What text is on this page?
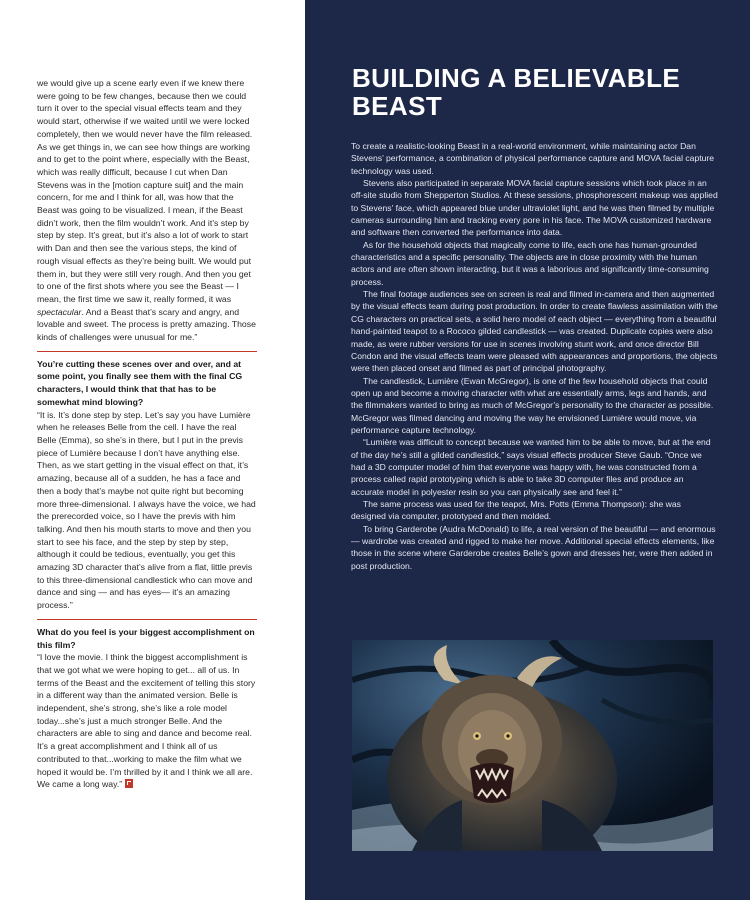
we would give up a scene early even if we knew there were going to be few changes, because then we could turn it over to the special visual effects team and they would start, otherwise if we waited until we were locked completely, then we would never have the film released. As we get things in, we can see how things are working and to get to the point where, especially with the Beast, which was really difficult, because I cut when Dan Stevens was in the [motion capture suit] and the main concern, for me and I think for all, was how that the Beast was going to be visualized. I mean, if the Beast didn’t work, then the film wouldn’t work. And it’s step by step by step. It’s great, but it’s also a lot of work to start with Dan and then see the various steps, the kind of rough visual effects as they’re being built. We would put them in, but they were still very rough. And then you get to one of the first shots where you see the Beast — I mean, the first time we saw it, really formed, it was spectacular. And a Beast that’s scary and angry, and lovable and sweet. The process is pretty amazing. Those kinds of challenges were unusual for me.”

You’re cutting these scenes over and over, and at some point, you finally see them with the final CG characters, I would think that that has to be somewhat mind blowing?

“It is. It’s done step by step. Let’s say you have Lumière when he releases Belle from the cell. I have the real Belle (Emma), so she’s in there, but I put in the previs piece of Lumière because I don’t have anything else. Then, as we start getting in the visual effect on that, it’s amazing, because all of a sudden, he has a face and then a body that’s maybe not quite right but becoming more three-dimensional. I always have the voice, we had the prerecorded voice, so I have the previs with him talking. And then his mouth starts to move and then you start to see his face, and the step by step by step, although it could be tedious, eventually, you get this amazing 3D character that’s alive from a flat, little previs to this three-dimensional candlestick who can move and dance and sing — and has eyes— it’s an amazing process.”

What do you feel is your biggest accomplishment on this film?

“I love the movie. I think the biggest accomplishment is that we got what we were hoping to get... all of us. In terms of the Beast and the excitement of telling this story in a different way than the animated version. Belle is independent, she’s strong, she’s like a role model today...she’s just a much stronger Belle. And the characters are able to sing and dance and become real. It’s a great accomplishment and I think all of us contributed to that...working to make the film what we hoped it would be. I’m thrilled by it and I think we all are. We came a long way.”

BUILDING A BELIEVABLE BEAST

To create a realistic-looking Beast in a real-world environment, while maintaining actor Dan Stevens’ performance, a combination of physical performance capture and MOVA facial capture technology was used.

Stevens also participated in separate MOVA facial capture sessions which took place in an off-site studio from Shepperton Studios. At these sessions, phosphorescent makeup was applied to Stevens’ face, which appeared blue under ultraviolet light, and he was then filmed by multiple cameras surrounding him and tracking every pore in his face. The MOVA customized hardware and software then converted the performance into data.

As for the household objects that magically come to life, each one has human-grounded characteristics and a specific personality. The objects are in close proximity with the human actors and are often shown interacting, but it was a laborious and significantly time-consuming process.

The final footage audiences see on screen is real and filmed in-camera and then augmented by the visual effects team during post production. In order to create flawless assimilation with the CG characters on practical sets, a solid hero model of each object — everything from a beautiful hand-painted teapot to a Rococo gilded candlestick — was created. Duplicate copies were also made, as were rubber versions for use in scenes involving stunt work, and once director Bill Condon and the visual effects team were pleased with appearances and proportions, the objects were then placed onset and filmed as part of principal photography.

The candlestick, Lumière (Ewan McGregor), is one of the few household objects that could open up and become a moving character with what are essentially arms, legs and hands, and the filmmakers wanted to bring as much of McGregor’s personality to the character as possible. McGregor was filmed dancing and moving the way he envisioned Lumière would move, via performance capture technology.

“Lumière was difficult to concept because we wanted him to be able to move, but at the end of the day he’s still a gilded candlestick,” says visual effects producer Steve Gaub. “Once we had a 3D computer model of him that everyone was happy with, he was constructed from a process called rapid prototyping which is able to take 3D computer files and produce an accurate model in polyester resin so you can physically see and feel it.”

The same process was used for the teapot, Mrs. Potts (Emma Thompson): she was designed via computer, prototyped and then molded.

To bring Garderobe (Audra McDonald) to life, a real version of the beautiful — and enormous — wardrobe was created and rigged to make her move. Additional special effects elements, like those in the scene where Garderobe creates Belle’s gown and dresses her, were then added in post production.
